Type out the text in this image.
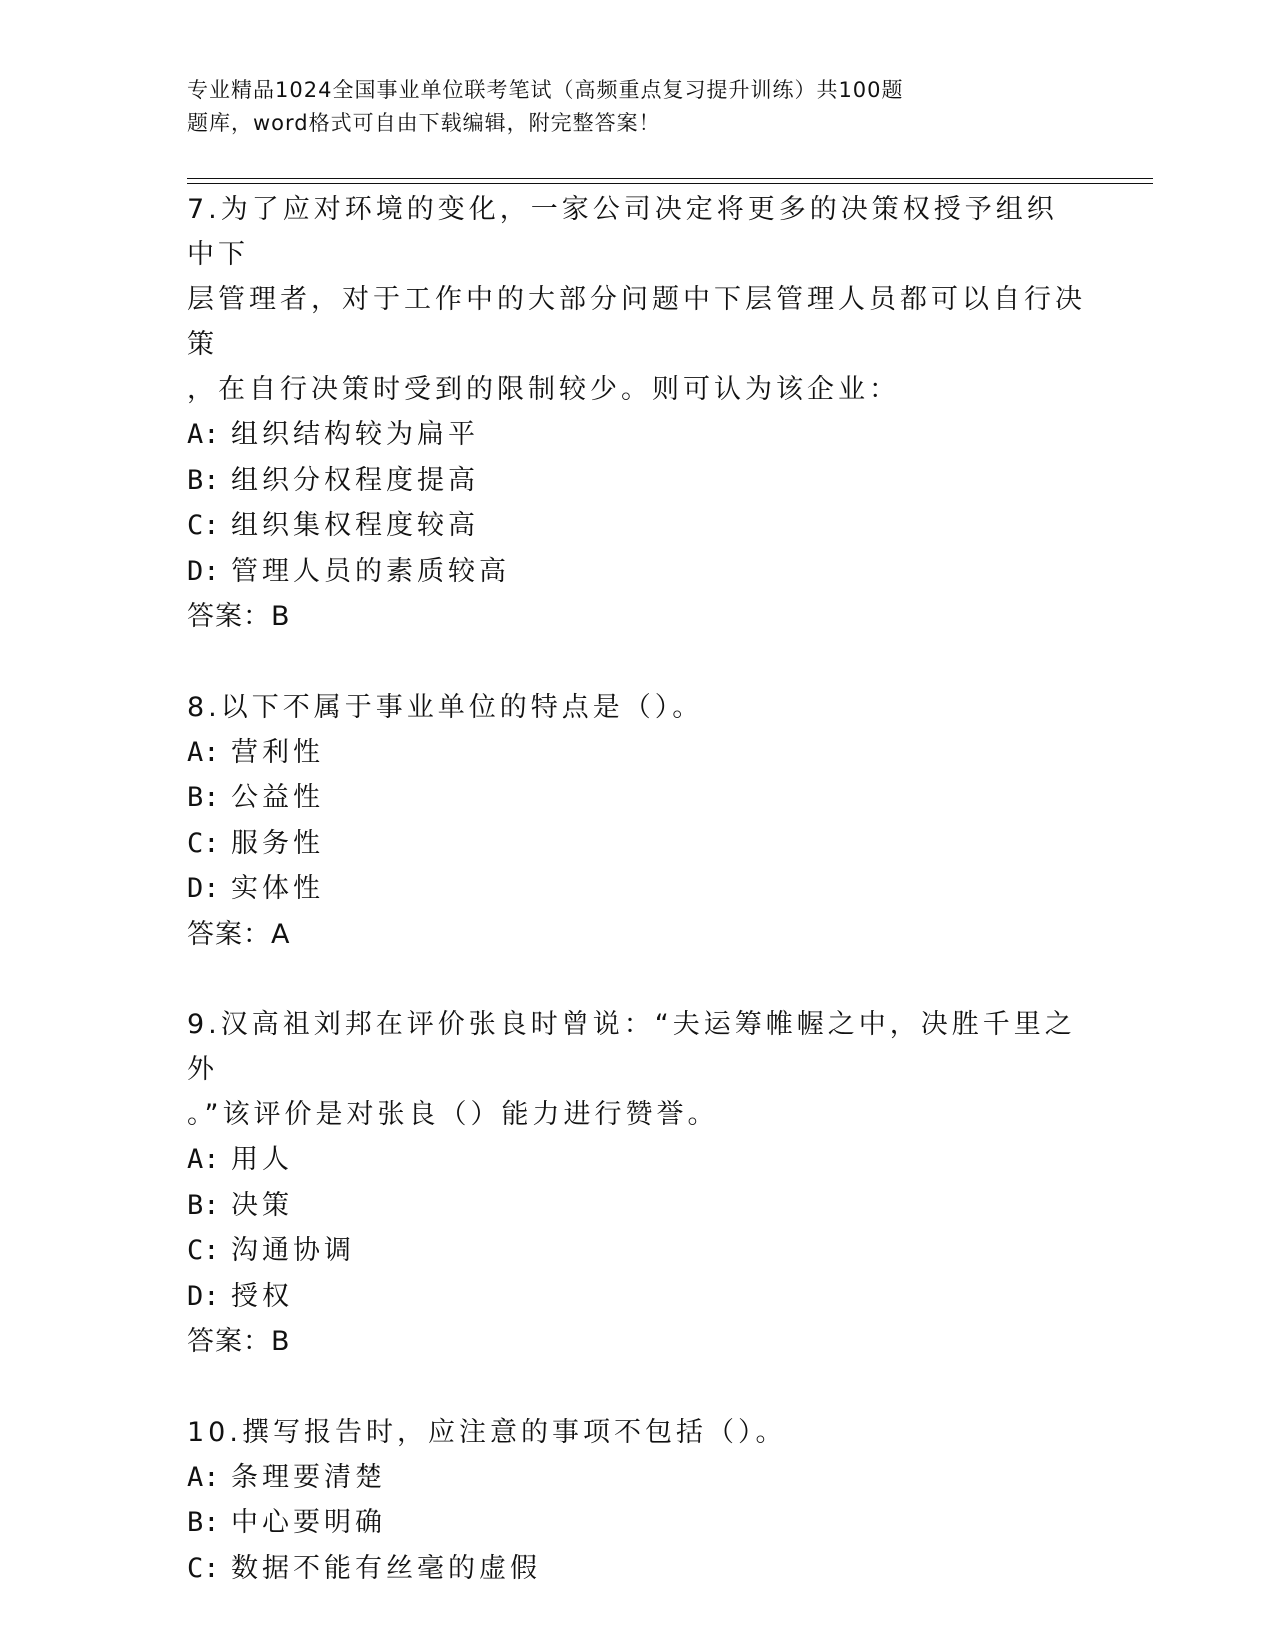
专业精品1024全国事业单位联考笔试（高频重点复习提升训练）共100题
题库，word格式可自由下载编辑，附完整答案！

7.为了应对环境的变化，一家公司决定将更多的决策权授予组织中下

层管理者，对于工作中的大部分问题中下层管理人员都可以自行决策

，在自行决策时受到的限制较少。则可认为该企业：

A: 组织结构较为扁平

B: 组织分权程度提高

C: 组织集权程度较高

D: 管理人员的素质较高

答案：B

8.以下不属于事业单位的特点是（）。

A: 营利性

B: 公益性

C: 服务性

D: 实体性

答案：A

9.汉高祖刘邦在评价张良时曾说：“夫运筹帷幄之中，决胜千里之外

。”该评价是对张良（）能力进行赞誉。

A: 用人

B: 决策

C: 沟通协调

D: 授权

答案：B

10.撰写报告时，应注意的事项不包括（）。

A: 条理要清楚

B: 中心要明确

C: 数据不能有丝毫的虚假
